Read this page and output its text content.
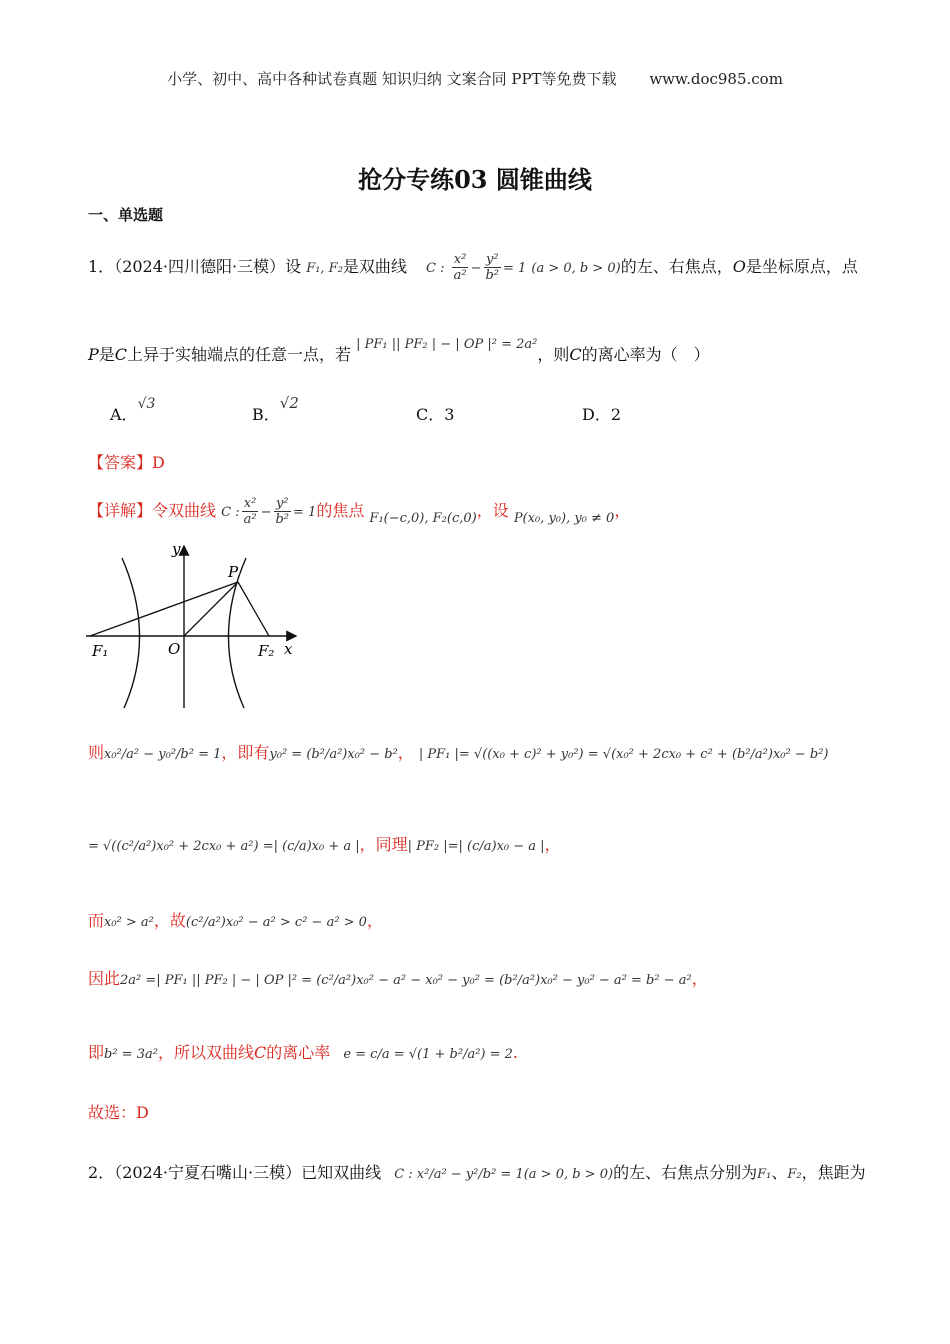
小学、初中、高中各种试卷真题 知识归纳 文案合同 PPT等免费下载 www.doc985.com
抢分专练03 圆锥曲线
一、单选题
1．（2024·四川德阳·三模）设 F₁, F₂是双曲线 C : $\frac{\text{x²}}{\text{a²}} - \frac{\text{y²}}{\text{b²}} = 1$ (a > 0, b > 0)的左、右焦点，O是坐标原点，点
P是C上异于实轴端点的任意一点，若 $^{| PF_1 || PF_2 | - | OP |^2 = 2a^2}$，则C的离心率为（　）
A．√3
B．√2
C．3	D．2
【答案】D
【详解】令双曲线 C : $\frac{\text{x²}}{\text{a²}} - \frac{\text{y²}}{\text{b²}} = 1$的焦点 $_{F_1(-c,0), F_2(c,0)}$，设 $_{P(x_0, y_0), y_0 \ne 0}$，
y
P
F₁	O	F₂ x
则x₀²/a² − y₀²/b² = 1，即有y₀² = (b²/a²)x₀² − b²， | PF₁ |= √((x₀ + c)² + y₀²) = √(x₀² + 2cx₀ + c² + (b²/a²)x₀² − b²)
= √((c²/a²)x₀² + 2cx₀ + a²) =| (c/a)x₀ + a |，同理| PF₂ |=| (c/a)x₀ − a |，
而x₀² > a²，故(c²/a²)x₀² − a² > c² − a² > 0，
因此2a² =| PF₁ || PF₂ | − | OP |² = (c²/a²)x₀² − a² − x₀² − y₀² = (b²/a²)x₀² − y₀² − a² = b² − a²，
即b² = 3a²，所以双曲线C的离心率 e = c/a = √(1 + b²/a²) = 2.
故选：D
2．（2024·宁夏石嘴山·三模）已知双曲线 C : x²/a² − y²/b² = 1(a > 0, b > 0)的左、右焦点分别为F₁、F₂，焦距为
